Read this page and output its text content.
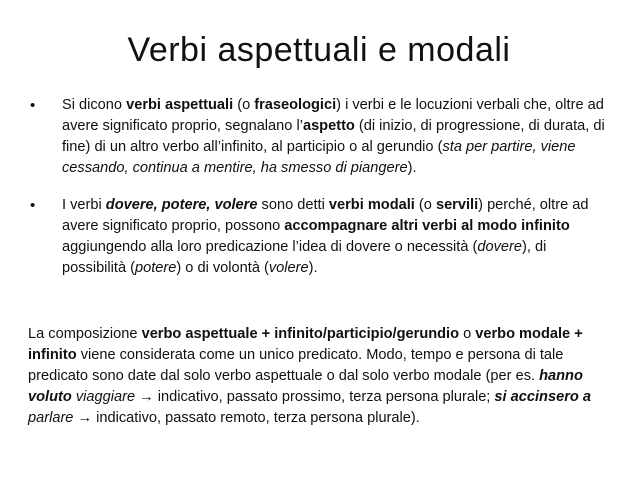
Verbi aspettuali e modali
• Si dicono verbi aspettuali (o fraseologici) i verbi e le locuzioni verbali che, oltre ad avere significato proprio, segnalano l’aspetto (di inizio, di progressione, di durata, di fine) di un altro verbo all’infinito, al participio o al gerundio (sta per partire, viene cessando, continua a mentire, ha smesso di piangere).
• I verbi dovere, potere, volere sono detti verbi modali (o servili) perché, oltre ad avere significato proprio, possono accompagnare altri verbi al modo infinito aggiungendo alla loro predicazione l’idea di dovere o necessità (dovere), di possibilità (potere) o di volontà (volere).

La composizione verbo aspettuale + infinito/participio/gerundio o verbo modale + infinito viene considerata come un unico predicato. Modo, tempo e persona di tale predicato sono date dal solo verbo aspettuale o dal solo verbo modale (per es. hanno voluto viaggiare → indicativo, passato prossimo, terza persona plurale; si accinsero a parlare → indicativo, passato remoto, terza persona plurale).
